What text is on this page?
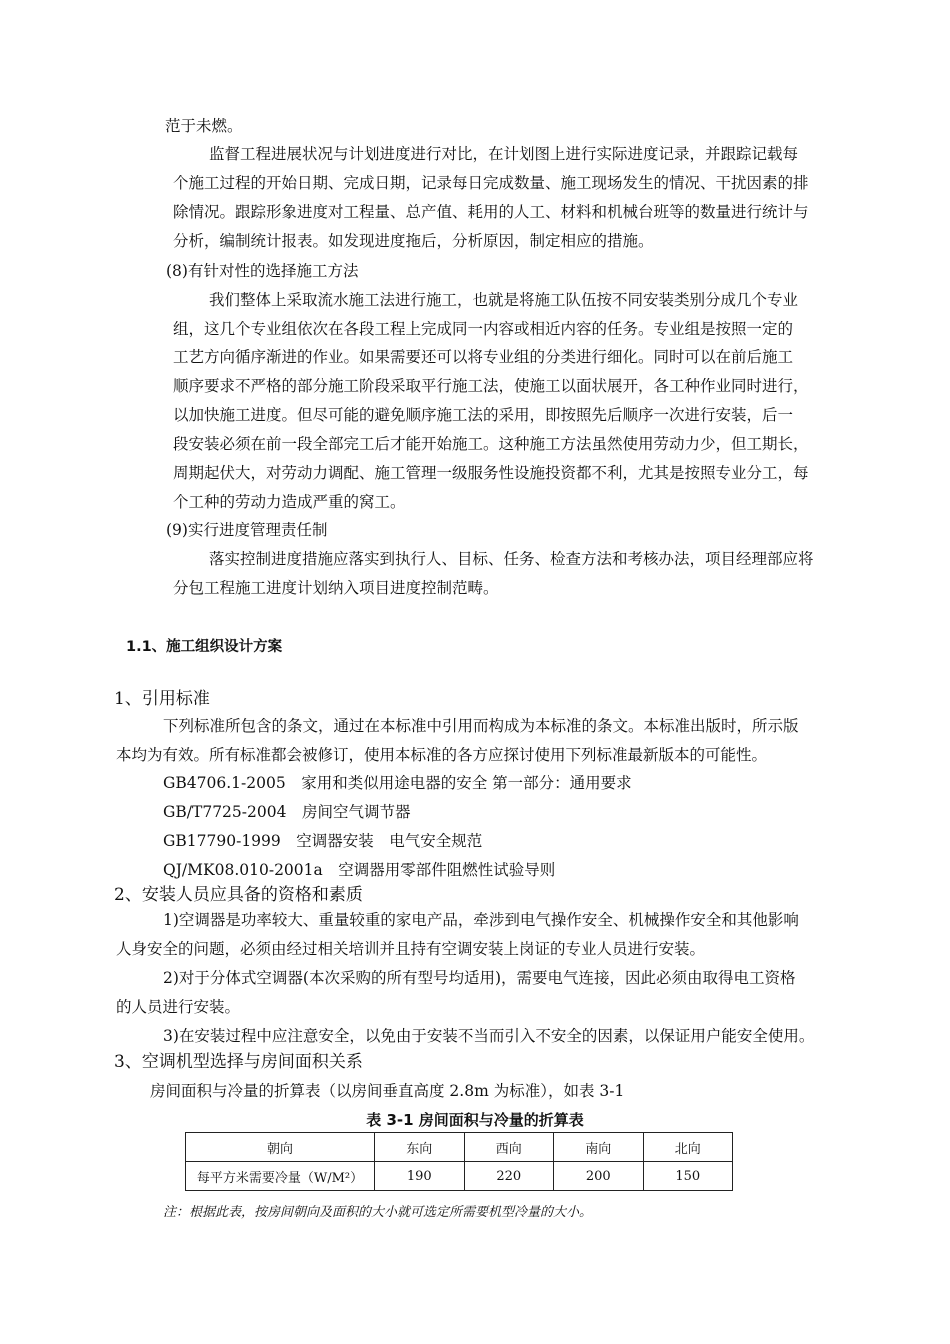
范于未燃。
监督工程进展状况与计划进度进行对比，在计划图上进行实际进度记录，并跟踪记载每
个施工过程的开始日期、完成日期，记录每日完成数量、施工现场发生的情况、干扰因素的排
除情况。跟踪形象进度对工程量、总产值、耗用的人工、材料和机械台班等的数量进行统计与
分析，编制统计报表。如发现进度拖后，分析原因，制定相应的措施。
(8)有针对性的选择施工方法
我们整体上采取流水施工法进行施工，也就是将施工队伍按不同安装类别分成几个专业
组，这几个专业组依次在各段工程上完成同一内容或相近内容的任务。专业组是按照一定的
工艺方向循序渐进的作业。如果需要还可以将专业组的分类进行细化。同时可以在前后施工
顺序要求不严格的部分施工阶段采取平行施工法，使施工以面状展开，各工种作业同时进行，
以加快施工进度。但尽可能的避免顺序施工法的采用，即按照先后顺序一次进行安装，后一
段安装必须在前一段全部完工后才能开始施工。这种施工方法虽然使用劳动力少，但工期长，
周期起伏大，对劳动力调配、施工管理一级服务性设施投资都不利，尤其是按照专业分工，每
个工种的劳动力造成严重的窝工。
(9)实行进度管理责任制
落实控制进度措施应落实到执行人、目标、任务、检查方法和考核办法，项目经理部应将
分包工程施工进度计划纳入项目进度控制范畴。
1.1、施工组织设计方案
1、引用标准
下列标准所包含的条文，通过在本标准中引用而构成为本标准的条文。本标准出版时，所示版
本均为有效。所有标准都会被修订，使用本标准的各方应探讨使用下列标准最新版本的可能性。
GB4706.1-2005　家用和类似用途电器的安全 第一部分：通用要求
GB/T7725-2004　房间空气调节器
GB17790-1999　空调器安装　电气安全规范
QJ/MK08.010-2001a　空调器用零部件阻燃性试验导则
2、安装人员应具备的资格和素质
1)空调器是功率较大、重量较重的家电产品，牵涉到电气操作安全、机械操作安全和其他影响
人身安全的问题，必须由经过相关培训并且持有空调安装上岗证的专业人员进行安装。
2)对于分体式空调器(本次采购的所有型号均适用)，需要电气连接，因此必须由取得电工资格
的人员进行安装。
3)在安装过程中应注意安全，以免由于安装不当而引入不安全的因素，以保证用户能安全使用。
3、空调机型选择与房间面积关系
房间面积与冷量的折算表（以房间垂直高度 2.8m 为标准），如表 3-1
表 3-1 房间面积与冷量的折算表
朝向	东向	西向	南向	北向
每平方米需要冷量（W/M²）	190	220	200	150
注：根据此表，按房间朝向及面积的大小就可选定所需要机型冷量的大小。
